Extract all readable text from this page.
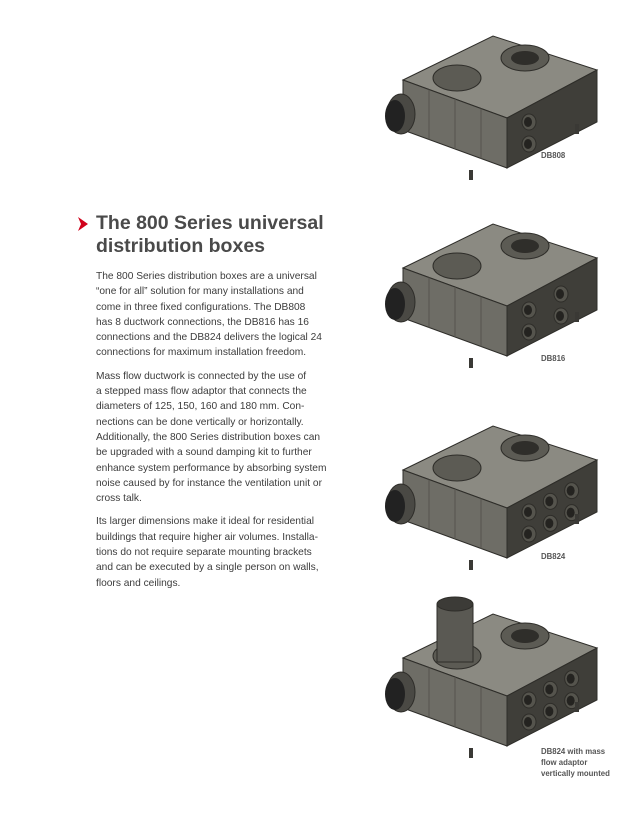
The 800 Series universal
distribution boxes

The 800 Series distribution boxes are a universal
“one for all” solution for many installations and
come in three fixed configurations. The DB808
has 8 ductwork connections, the DB816 has 16
connections and the DB824 delivers the logical 24
connections for maximum installation freedom.

Mass flow ductwork is connected by the use of
a stepped mass flow adaptor that connects the
diameters of 125, 150, 160 and 180 mm. Con-
nections can be done vertically or horizontally.
Additionally, the 800 Series distribution boxes can
be upgraded with a sound damping kit to further
enhance system performance by absorbing system
noise caused by for instance the ventilation unit or
cross talk.

Its larger dimensions make it ideal for residential
buildings that require higher air volumes. Installa-
tions do not require separate mounting brackets
and can be executed by a single person on walls,
floors and ceilings.

DB808
DB816
DB824
DB824 with mass
flow adaptor
vertically mounted
